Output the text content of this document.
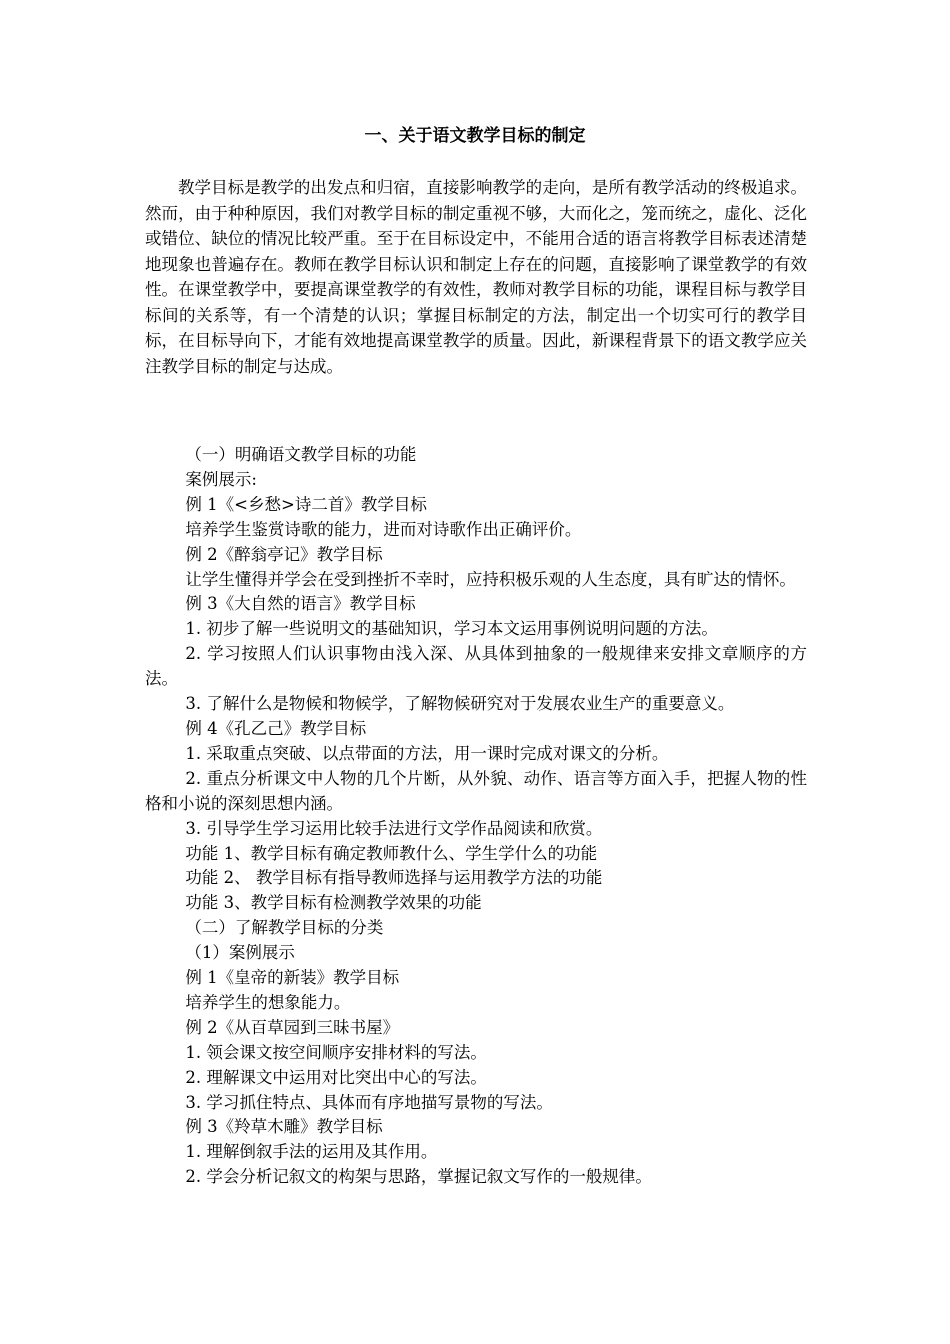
一、关于语文教学目标的制定

教学目标是教学的出发点和归宿，直接影响教学的走向，是所有教学活动的终极追求。然而，由于种种原因，我们对教学目标的制定重视不够，大而化之，笼而统之，虚化、泛化或错位、缺位的情况比较严重。至于在目标设定中，不能用合适的语言将教学目标表述清楚地现象也普遍存在。教师在教学目标认识和制定上存在的问题，直接影响了课堂教学的有效性。在课堂教学中，要提高课堂教学的有效性，教师对教学目标的功能，课程目标与教学目标间的关系等，有一个清楚的认识；掌握目标制定的方法，制定出一个切实可行的教学目标，在目标导向下，才能有效地提高课堂教学的质量。因此，新课程背景下的语文教学应关注教学目标的制定与达成。

（一）明确语文教学目标的功能

案例展示:

例 1《<乡愁>诗二首》教学目标

培养学生鉴赏诗歌的能力，进而对诗歌作出正确评价。

例 2《醉翁亭记》教学目标

让学生懂得并学会在受到挫折不幸时，应持积极乐观的人生态度，具有旷达的情怀。

例 3《大自然的语言》教学目标

1. 初步了解一些说明文的基础知识，学习本文运用事例说明问题的方法。

2. 学习按照人们认识事物由浅入深、从具体到抽象的一般规律来安排文章顺序的方法。

3. 了解什么是物候和物候学，了解物候研究对于发展农业生产的重要意义。

例 4《孔乙己》教学目标

1. 采取重点突破、以点带面的方法，用一课时完成对课文的分析。

2. 重点分析课文中人物的几个片断，从外貌、动作、语言等方面入手，把握人物的性格和小说的深刻思想内涵。

3. 引导学生学习运用比较手法进行文学作品阅读和欣赏。

功能 1、教学目标有确定教师教什么、学生学什么的功能

功能 2、 教学目标有指导教师选择与运用教学方法的功能

功能 3、教学目标有检测教学效果的功能

（二）了解教学目标的分类

（1）案例展示

例 1《皇帝的新装》教学目标

培养学生的想象能力。

例 2《从百草园到三昧书屋》

1. 领会课文按空间顺序安排材料的写法。

2. 理解课文中运用对比突出中心的写法。

3. 学习抓住特点、具体而有序地描写景物的写法。

例 3《羚草木雕》教学目标

1. 理解倒叙手法的运用及其作用。

2. 学会分析记叙文的构架与思路，掌握记叙文写作的一般规律。
